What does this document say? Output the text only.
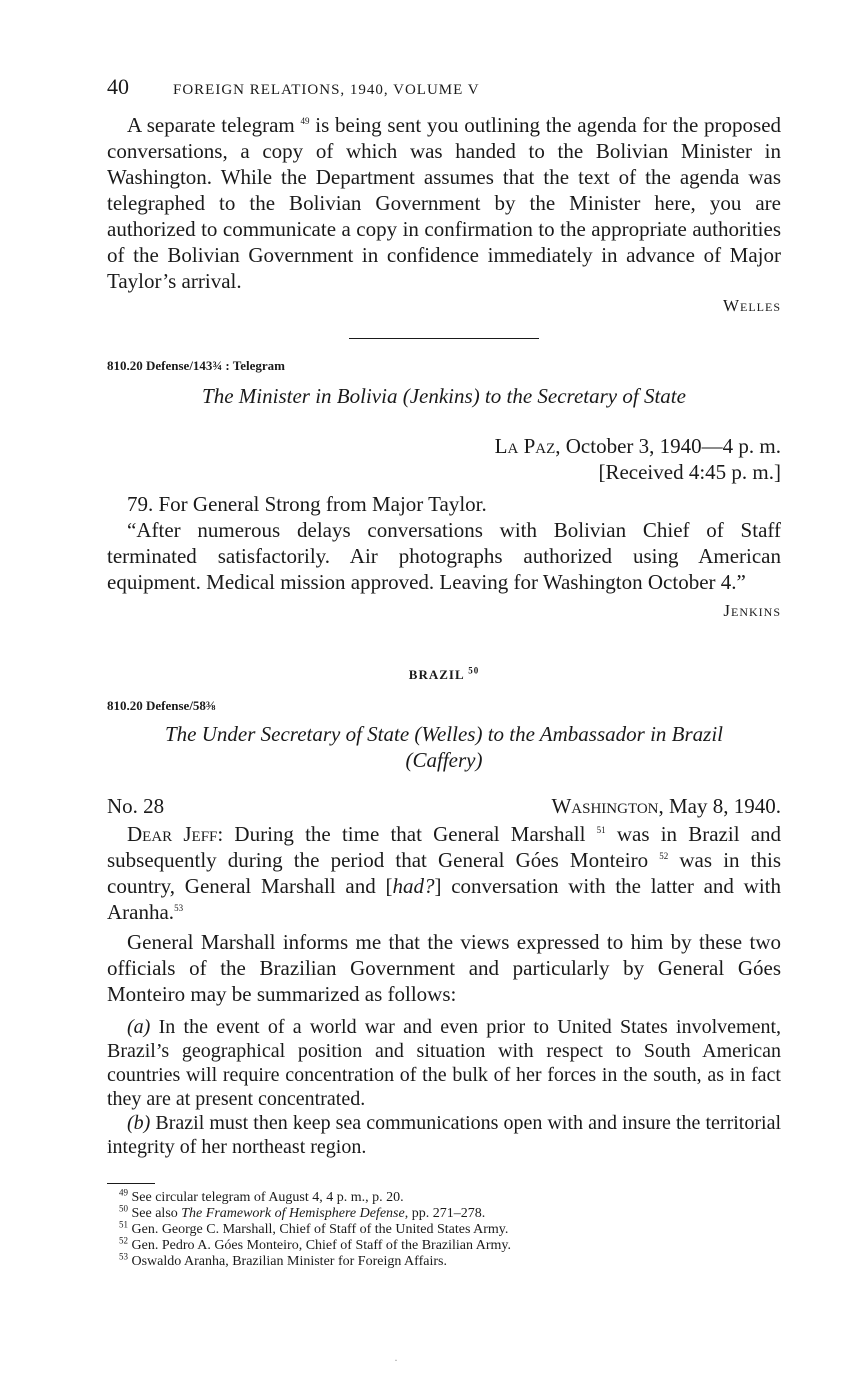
40	FOREIGN RELATIONS, 1940, VOLUME V

A separate telegram $^{49}$ is being sent you outlining the agenda for the proposed conversations, a copy of which was handed to the Bolivian Minister in Washington. While the Department assumes that the text of the agenda was telegraphed to the Bolivian Government by the Minister here, you are authorized to communicate a copy in confirmation to the appropriate authorities of the Bolivian Government in confidence immediately in advance of Major Taylor’s arrival.

Welles
810.20 Defense/143¾ : Telegram
The Minister in Bolivia (Jenkins) to the Secretary of State
La Paz, October 3, 1940—4 p. m.
[Received 4:45 p. m.]

79. For General Strong from Major Taylor.

“After numerous delays conversations with Bolivian Chief of Staff terminated satisfactorily. Air photographs authorized using American equipment. Medical mission approved. Leaving for Washington October 4.”

Jenkins
BRAZIL $^{50}$
810.20 Defense/58⅜
The Under Secretary of State (Welles) to the Ambassador in Brazil
(Caffery)
No. 28	Washington, May 8, 1940.

Dear Jeff: During the time that General Marshall $^{51}$ was in Brazil and subsequently during the period that General Góes Monteiro $^{52}$ was in this country, General Marshall and [had?] conversation with the latter and with Aranha.$^{53}$

General Marshall informs me that the views expressed to him by these two officials of the Brazilian Government and particularly by General Góes Monteiro may be summarized as follows:

(a) In the event of a world war and even prior to United States involvement, Brazil’s geographical position and situation with respect to South American countries will require concentration of the bulk of her forces in the south, as in fact they are at present concentrated.

(b) Brazil must then keep sea communications open with and insure the territorial integrity of her northeast region.

$^{49}$ See circular telegram of August 4, 4 p. m., p. 20.
$^{50}$ See also The Framework of Hemisphere Defense, pp. 271–278.
$^{51}$ Gen. George C. Marshall, Chief of Staff of the United States Army.
$^{52}$ Gen. Pedro A. Góes Monteiro, Chief of Staff of the Brazilian Army.
$^{53}$ Oswaldo Aranha, Brazilian Minister for Foreign Affairs.
·
